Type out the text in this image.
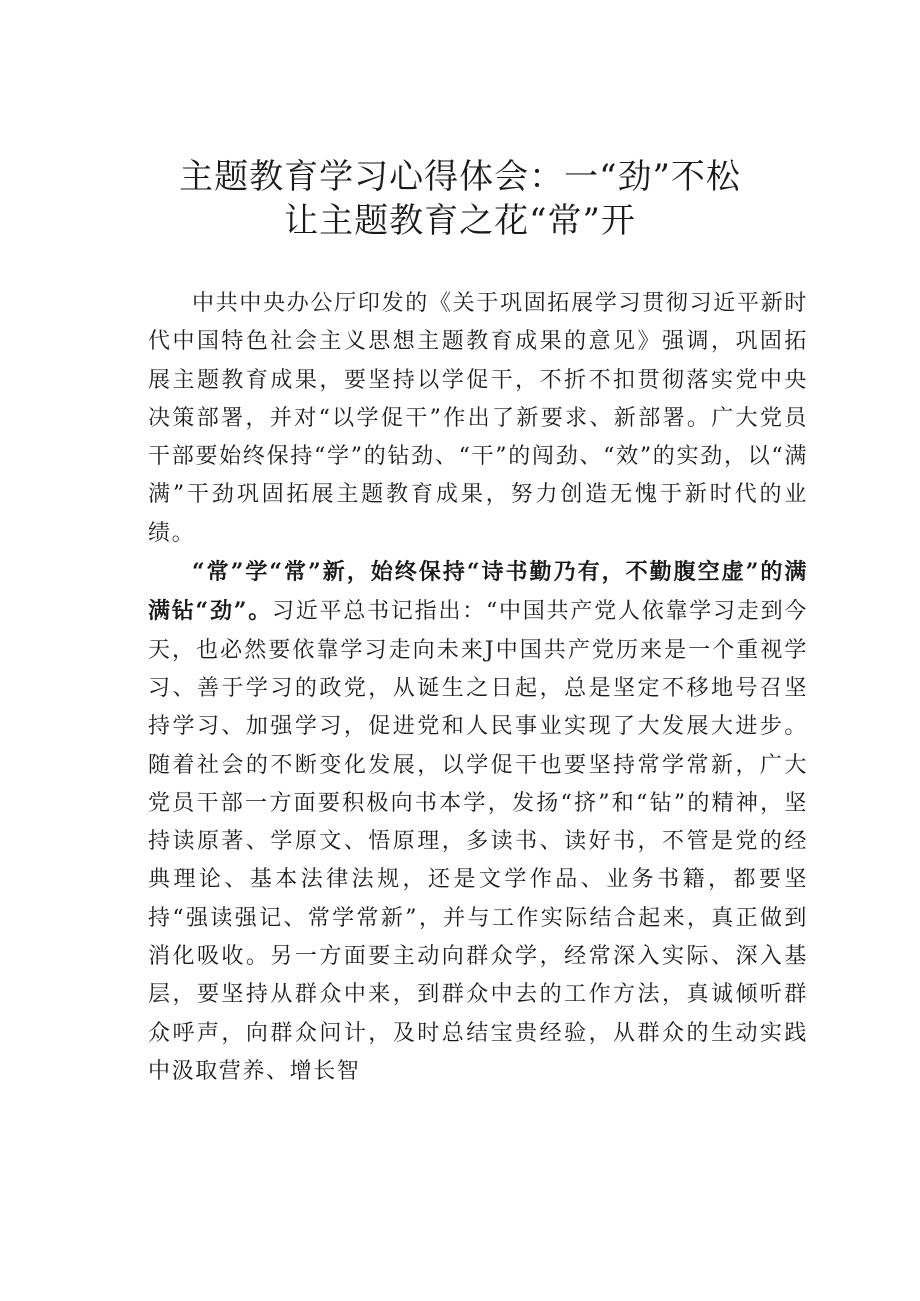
主题教育学习心得体会：一“劲”不松
让主题教育之花“常”开

中共中央办公厅印发的《关于巩固拓展学习贯彻习近平新时代中国特色社会主义思想主题教育成果的意见》强调，巩固拓展主题教育成果，要坚持以学促干，不折不扣贯彻落实党中央决策部署，并对“以学促干”作出了新要求、新部署。广大党员干部要始终保持“学”的钻劲、“干”的闯劲、“效”的实劲，以“满满”干劲巩固拓展主题教育成果，努力创造无愧于新时代的业绩。

“常”学“常”新，始终保持“诗书勤乃有，不勤腹空虚”的满满钻“劲”。习近平总书记指出：“中国共产党人依靠学习走到今天，也必然要依靠学习走向未来J中国共产党历来是一个重视学习、善于学习的政党，从诞生之日起，总是坚定不移地号召坚持学习、加强学习，促进党和人民事业实现了大发展大进步。随着社会的不断变化发展，以学促干也要坚持常学常新，广大党员干部一方面要积极向书本学，发扬“挤”和“钻”的精神，坚持读原著、学原文、悟原理，多读书、读好书，不管是党的经典理论、基本法律法规，还是文学作品、业务书籍，都要坚持“强读强记、常学常新”，并与工作实际结合起来，真正做到消化吸收。另一方面要主动向群众学，经常深入实际、深入基层，要坚持从群众中来，到群众中去的工作方法，真诚倾听群众呼声，向群众问计，及时总结宝贵经验，从群众的生动实践中汲取营养、增长智
